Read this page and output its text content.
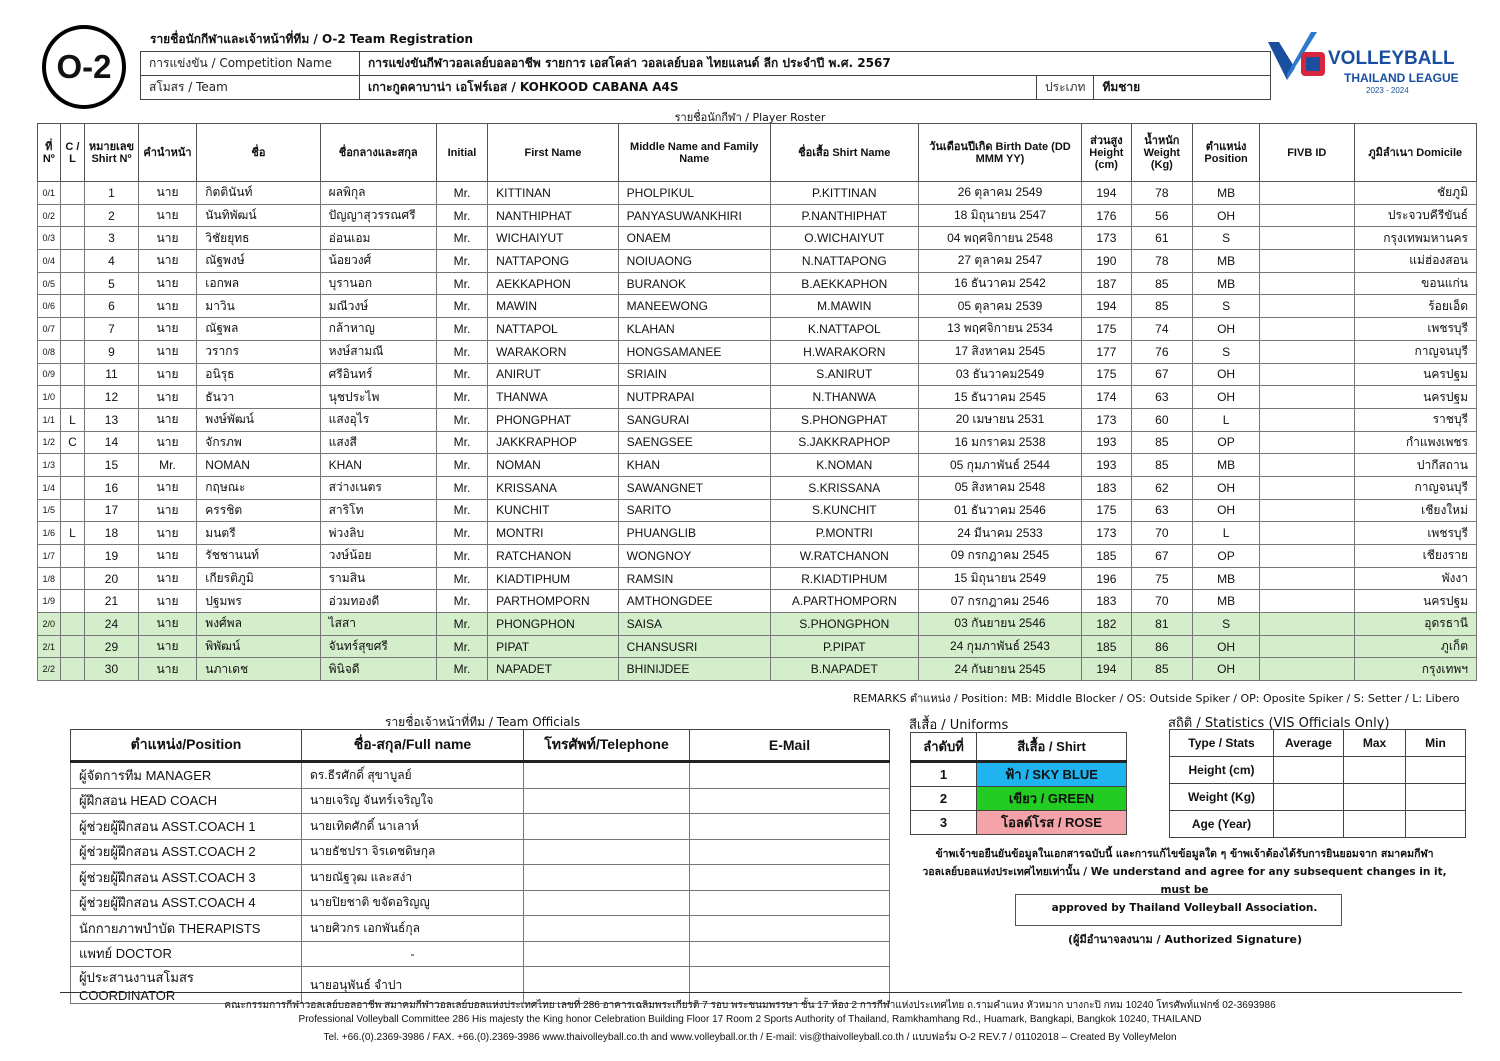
O-2
รายชื่อนักกีฬาและเจ้าหน้าที่ทีม / O-2 Team Registration
การแข่งขัน / Competition Name	การแข่งขันกีฬาวอลเลย์บอลอาชีพ รายการ เอสโคล่า วอลเลย์บอล ไทยแลนด์ ลีก ประจำปี พ.ศ. 2567		
สโมสร / Team	เกาะกูดคาบาน่า เอโฟร์เอส / KOHKOOD CABANA A4S	ประเภท	ทีมชาย
VOLLEYBALL
THAILAND LEAGUE
2023 - 2024
รายชื่อนักกีฬา / Player Roster
ที่ Nº	C / L	หมายเลข Shirt Nº	คำนำหน้า	ชื่อ	ชื่อกลางและสกุล	Initial	First Name	Middle Name and Family Name	ชื่อเสื้อ Shirt Name	วันเดือนปีเกิด Birth Date (DD MMM YY)	ส่วนสูง Height (cm)	น้ำหนัก Weight (Kg)	ตำแหน่ง Position	FIVB ID	ภูมิลำเนา Domicile
0/1		1	นาย	กิตตินันท์	ผลพิกุล	Mr.	KITTINAN	PHOLPIKUL	P.KITTINAN	26 ตุลาคม 2549	194	78	MB		ชัยภูมิ
0/2		2	นาย	นันทิพัฒน์	ปัญญาสุวรรณศรี	Mr.	NANTHIPHAT	PANYASUWANKHIRI	P.NANTHIPHAT	18 มิถุนายน 2547	176	56	OH		ประจวบคีรีขันธ์
0/3		3	นาย	วิชัยยุทธ	อ่อนเอม	Mr.	WICHAIYUT	ONAEM	O.WICHAIYUT	04 พฤศจิกายน 2548	173	61	S		กรุงเทพมหานคร
0/4		4	นาย	ณัฐพงษ์	น้อยวงศ์	Mr.	NATTAPONG	NOIUAONG	N.NATTAPONG	27 ตุลาคม 2547	190	78	MB		แม่ฮ่องสอน
0/5		5	นาย	เอกพล	บุรานอก	Mr.	AEKKAPHON	BURANOK	B.AEKKAPHON	16 ธันวาคม 2542	187	85	MB		ขอนแก่น
0/6		6	นาย	มาวิน	มณีวงษ์	Mr.	MAWIN	MANEEWONG	M.MAWIN	05 ตุลาคม 2539	194	85	S		ร้อยเอ็ด
0/7		7	นาย	ณัฐพล	กล้าหาญ	Mr.	NATTAPOL	KLAHAN	K.NATTAPOL	13 พฤศจิกายน 2534	175	74	OH		เพชรบุรี
0/8		9	นาย	วรากร	หงษ์สามณี	Mr.	WARAKORN	HONGSAMANEE	H.WARAKORN	17 สิงหาคม 2545	177	76	S		กาญจนบุรี
0/9		11	นาย	อนิรุธ	ศรีอินทร์	Mr.	ANIRUT	SRIAIN	S.ANIRUT	03 ธันวาคม2549	175	67	OH		นครปฐม
1/0		12	นาย	ธันวา	นุชประไพ	Mr.	THANWA	NUTPRAPAI	N.THANWA	15 ธันวาคม 2545	174	63	OH		นครปฐม
1/1	L	13	นาย	พงษ์พัฒน์	แสงอุไร	Mr.	PHONGPHAT	SANGURAI	S.PHONGPHAT	20 เมษายน 2531	173	60	L		ราชบุรี
1/2	C	14	นาย	จักรภพ	แสงสี	Mr.	JAKKRAPHOP	SAENGSEE	S.JAKKRAPHOP	16 มกราคม 2538	193	85	OP		กำแพงเพชร
1/3		15	Mr.	NOMAN	KHAN	Mr.	NOMAN	KHAN	K.NOMAN	05 กุมภาพันธ์ 2544	193	85	MB		ปากีสถาน
1/4		16	นาย	กฤษณะ	สว่างเนตร	Mr.	KRISSANA	SAWANGNET	S.KRISSANA	05 สิงหาคม 2548	183	62	OH		กาญจนบุรี
1/5		17	นาย	ครรชิต	สาริโท	Mr.	KUNCHIT	SARITO	S.KUNCHIT	01 ธันวาคม 2546	175	63	OH		เชียงใหม่
1/6	L	18	นาย	มนตรี	พ่วงลิบ	Mr.	MONTRI	PHUANGLIB	P.MONTRI	24 มีนาคม 2533	173	70	L		เพชรบุรี
1/7		19	นาย	รัชชานนท์	วงษ์น้อย	Mr.	RATCHANON	WONGNOY	W.RATCHANON	09 กรกฎาคม 2545	185	67	OP		เชียงราย
1/8		20	นาย	เกียรติภูมิ	รามสิน	Mr.	KIADTIPHUM	RAMSIN	R.KIADTIPHUM	15 มิถุนายน 2549	196	75	MB		พังงา
1/9		21	นาย	ปฐมพร	อ่วมทองดี	Mr.	PARTHOMPORN	AMTHONGDEE	A.PARTHOMPORN	07 กรกฎาคม 2546	183	70	MB		นครปฐม
2/0		24	นาย	พงศ์พล	ไสสา	Mr.	PHONGPHON	SAISA	S.PHONGPHON	03 กันยายน 2546	182	81	S		อุดรธานี
2/1		29	นาย	พิพัฒน์	จันทร์สุขศรี	Mr.	PIPAT	CHANSUSRI	P.PIPAT	24 กุมภาพันธ์ 2543	185	86	OH		ภูเก็ต
2/2		30	นาย	นภาเดช	พินิจดี	Mr.	NAPADET	BHINIJDEE	B.NAPADET	24 กันยายน 2545	194	85	OH		กรุงเทพฯ
REMARKS ตำแหน่ง / Position: MB: Middle Blocker / OS: Outside Spiker / OP: Oposite Spiker / S: Setter / L: Libero
รายชื่อเจ้าหน้าที่ทีม / Team Officials
ตำแหน่ง/Position	ชื่อ-สกุล/Full name	โทรศัพท์/Telephone	E-Mail
ผู้จัดการทีม MANAGER	ดร.ธีรศักดิ์ สุขาบูลย์		
ผู้ฝึกสอน HEAD COACH	นายเจริญ จันทร์เจริญใจ		
ผู้ช่วยผู้ฝึกสอน ASST.COACH 1	นายเทิดศักดิ์ นาเลาห์		
ผู้ช่วยผู้ฝึกสอน ASST.COACH 2	นายธัชปรา จิรเดชดิษกุล		
ผู้ช่วยผู้ฝึกสอน ASST.COACH 3	นายณัฐวุฒ และสง่า		
ผู้ช่วยผู้ฝึกสอน ASST.COACH 4	นายปิยชาติ ขจัดอริญญู		
นักกายภาพบำบัด THERAPISTS	นายศิวกร เอกพันธ์กุล		
แพทย์ DOCTOR	-		
ผู้ประสานงานสโมสร COORDINATOR	นายอนุพันธ์ จำปา		
สีเสื้อ / Uniforms
ลำดับที่	สีเสื้อ / Shirt
1	ฟ้า / SKY BLUE
2	เขียว / GREEN
3	โอลด์โรส / ROSE
สถิติ / Statistics (VIS Officials Only)
Type / Stats	Average	Max	Min
Height (cm)			
Weight (Kg)			
Age (Year)			
ข้าพเจ้าขอยืนยันข้อมูลในเอกสารฉบับนี้ และการแก้ไขข้อมูลใด ๆ ข้าพเจ้าต้องได้รับการยินยอมจาก สมาคมกีฬา
วอลเลย์บอลแห่งประเทศไทยเท่านั้น / We understand and agree for any subsequent changes in it, must be
approved by Thailand Volleyball Association.
(ผู้มีอำนาจลงนาม / Authorized Signature)
คณะกรรมการกีฬาวอลเลย์บอลอาชีพ สมาคมกีฬาวอลเลย์บอลแห่งประเทศไทย เลขที่ 286 อาคารเฉลิมพระเกียรติ 7 รอบ พระชนมพรรษา ชั้น 17 ห้อง 2 การกีฬาแห่งประเทศไทย ถ.รามคำแหง หัวหมาก บางกะปิ กทม 10240 โทรศัพท์แฟกซ์ 02-3693986
Professional Volleyball Committee 286 His majesty the King honor Celebration Building Floor 17 Room 2 Sports Authority of Thailand, Ramkhamhang Rd., Huamark, Bangkapi, Bangkok 10240, THAILAND
Tel. +66.(0).2369-3986 / FAX. +66.(0).2369-3986 www.thaivolleyball.co.th and www.volleyball.or.th / E-mail: vis@thaivolleyball.co.th / แบบฟอร์ม O-2 REV.7 / 01102018 – Created By VolleyMelon
